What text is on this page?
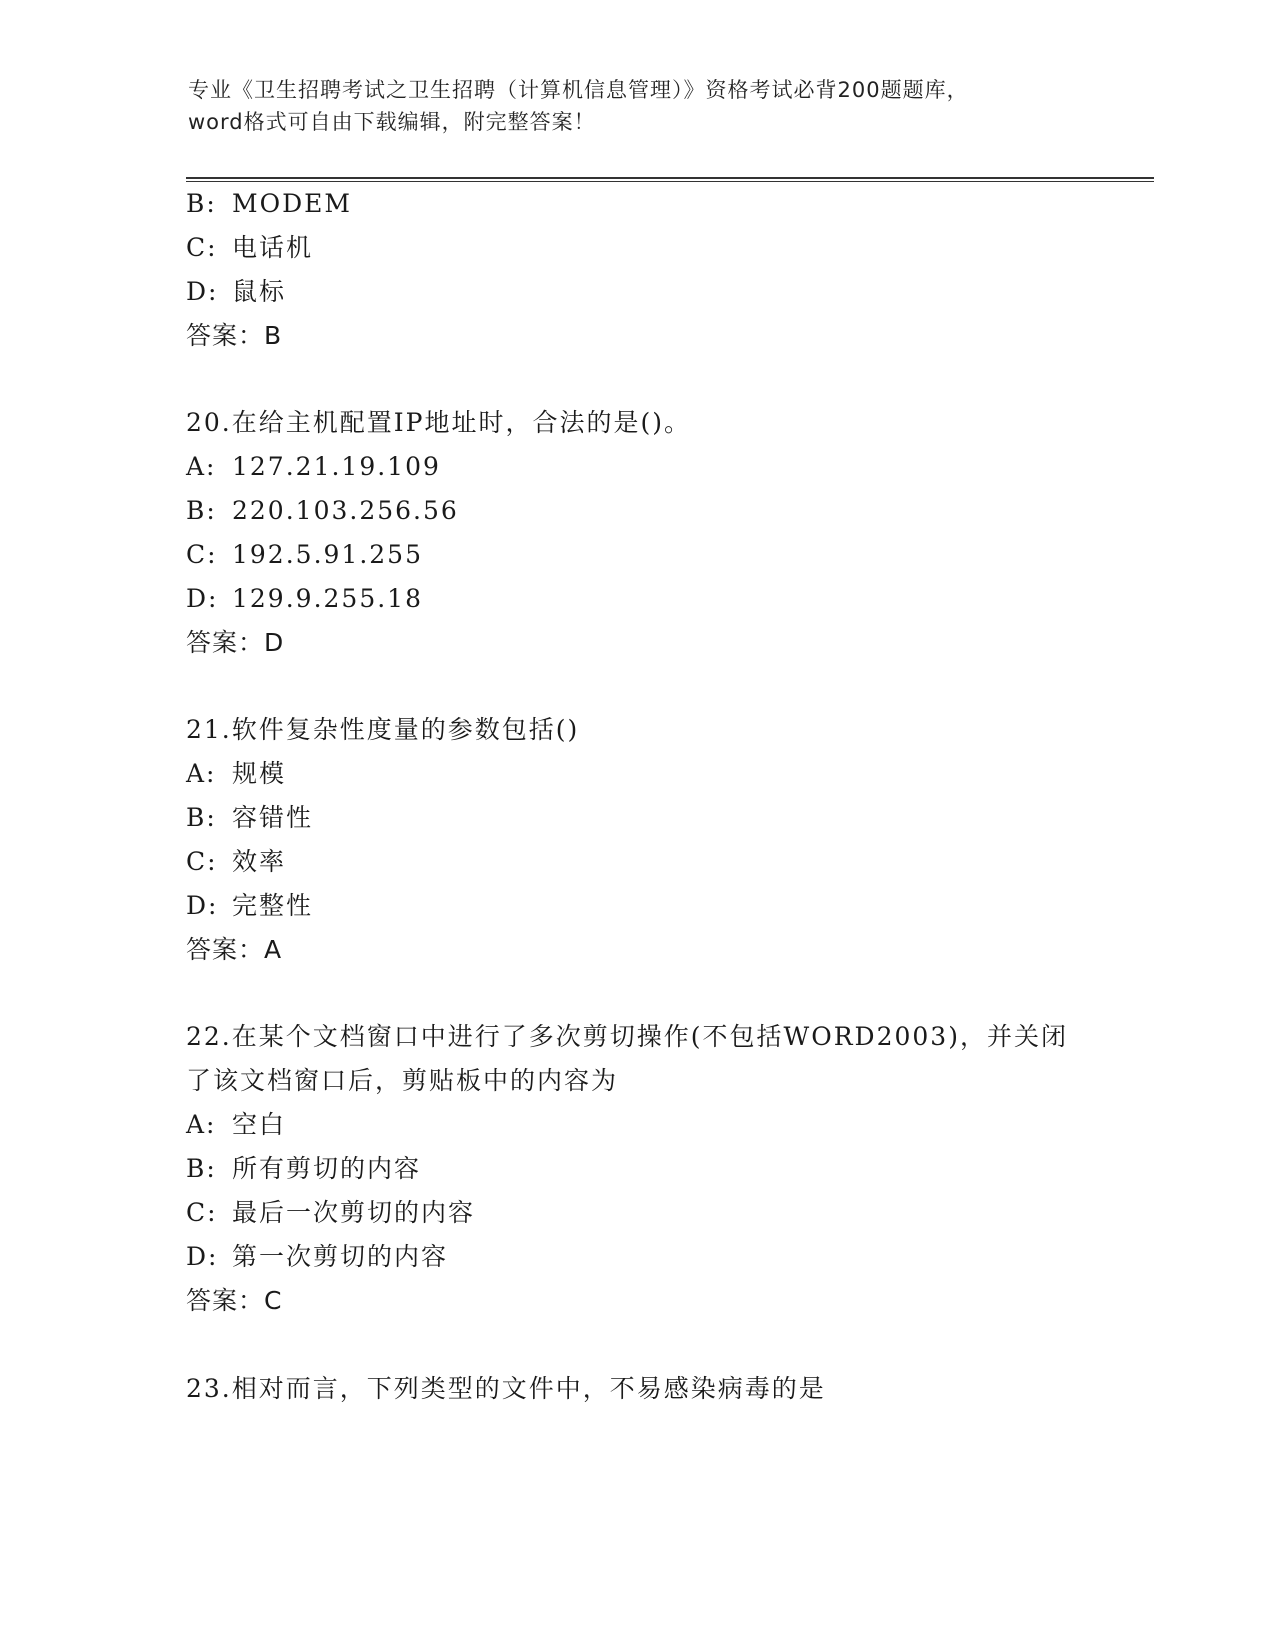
专业《卫生招聘考试之卫生招聘（计算机信息管理）》资格考试必背200题题库，
word格式可自由下载编辑，附完整答案！
B: MODEM
C: 电话机
D: 鼠标
答案：B
20.在给主机配置IP地址时，合法的是()。
A: 127.21.19.109
B: 220.103.256.56
C: 192.5.91.255
D: 129.9.255.18
答案：D
21.软件复杂性度量的参数包括()
A: 规模
B: 容错性
C: 效率
D: 完整性
答案：A
22.在某个文档窗口中进行了多次剪切操作(不包括WORD2003)，并关闭
了该文档窗口后，剪贴板中的内容为
A: 空白
B: 所有剪切的内容
C: 最后一次剪切的内容
D: 第一次剪切的内容
答案：C
23.相对而言，下列类型的文件中，不易感染病毒的是
